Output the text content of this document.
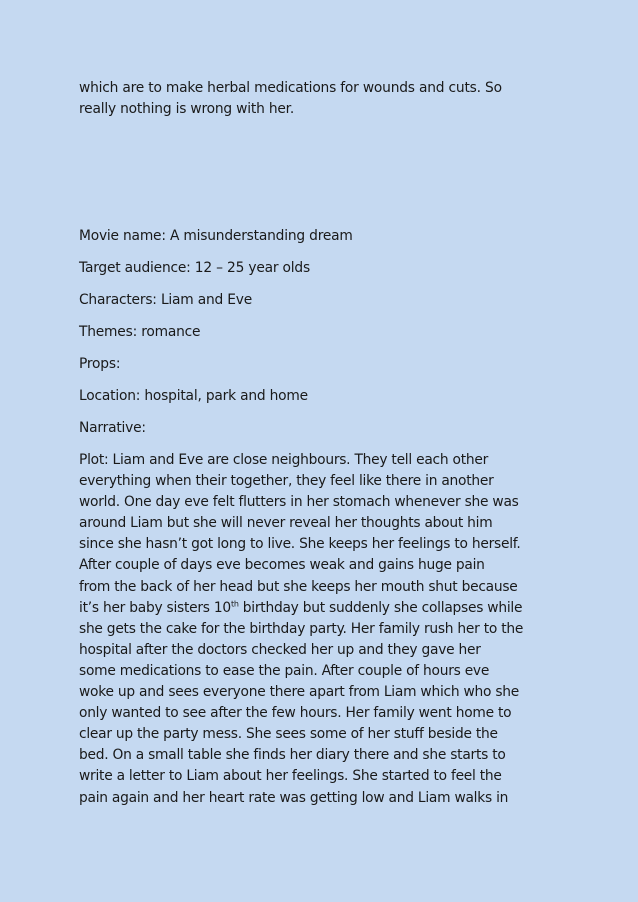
which are to make herbal medications for wounds and cuts. So
really nothing is wrong with her.

Movie name: A misunderstanding dream
Target audience: 12 – 25 year olds
Characters: Liam and Eve
Themes: romance
Props:
Location: hospital, park and home
Narrative:
Plot: Liam and Eve are close neighbours. They tell each other
everything when their together, they feel like there in another
world. One day eve felt flutters in her stomach whenever she was
around Liam but she will never reveal her thoughts about him
since she hasn’t got long to live. She keeps her feelings to herself.
After couple of days eve becomes weak and gains huge pain
from the back of her head but she keeps her mouth shut because
it’s her baby sisters 10th birthday but suddenly she collapses while
she gets the cake for the birthday party. Her family rush her to the
hospital after the doctors checked her up and they gave her
some medications to ease the pain. After couple of hours eve
woke up and sees everyone there apart from Liam which who she
only wanted to see after the few hours. Her family went home to
clear up the party mess. She sees some of her stuff beside the
bed. On a small table she finds her diary there and she starts to
write a letter to Liam about her feelings. She started to feel the
pain again and her heart rate was getting low and Liam walks in
